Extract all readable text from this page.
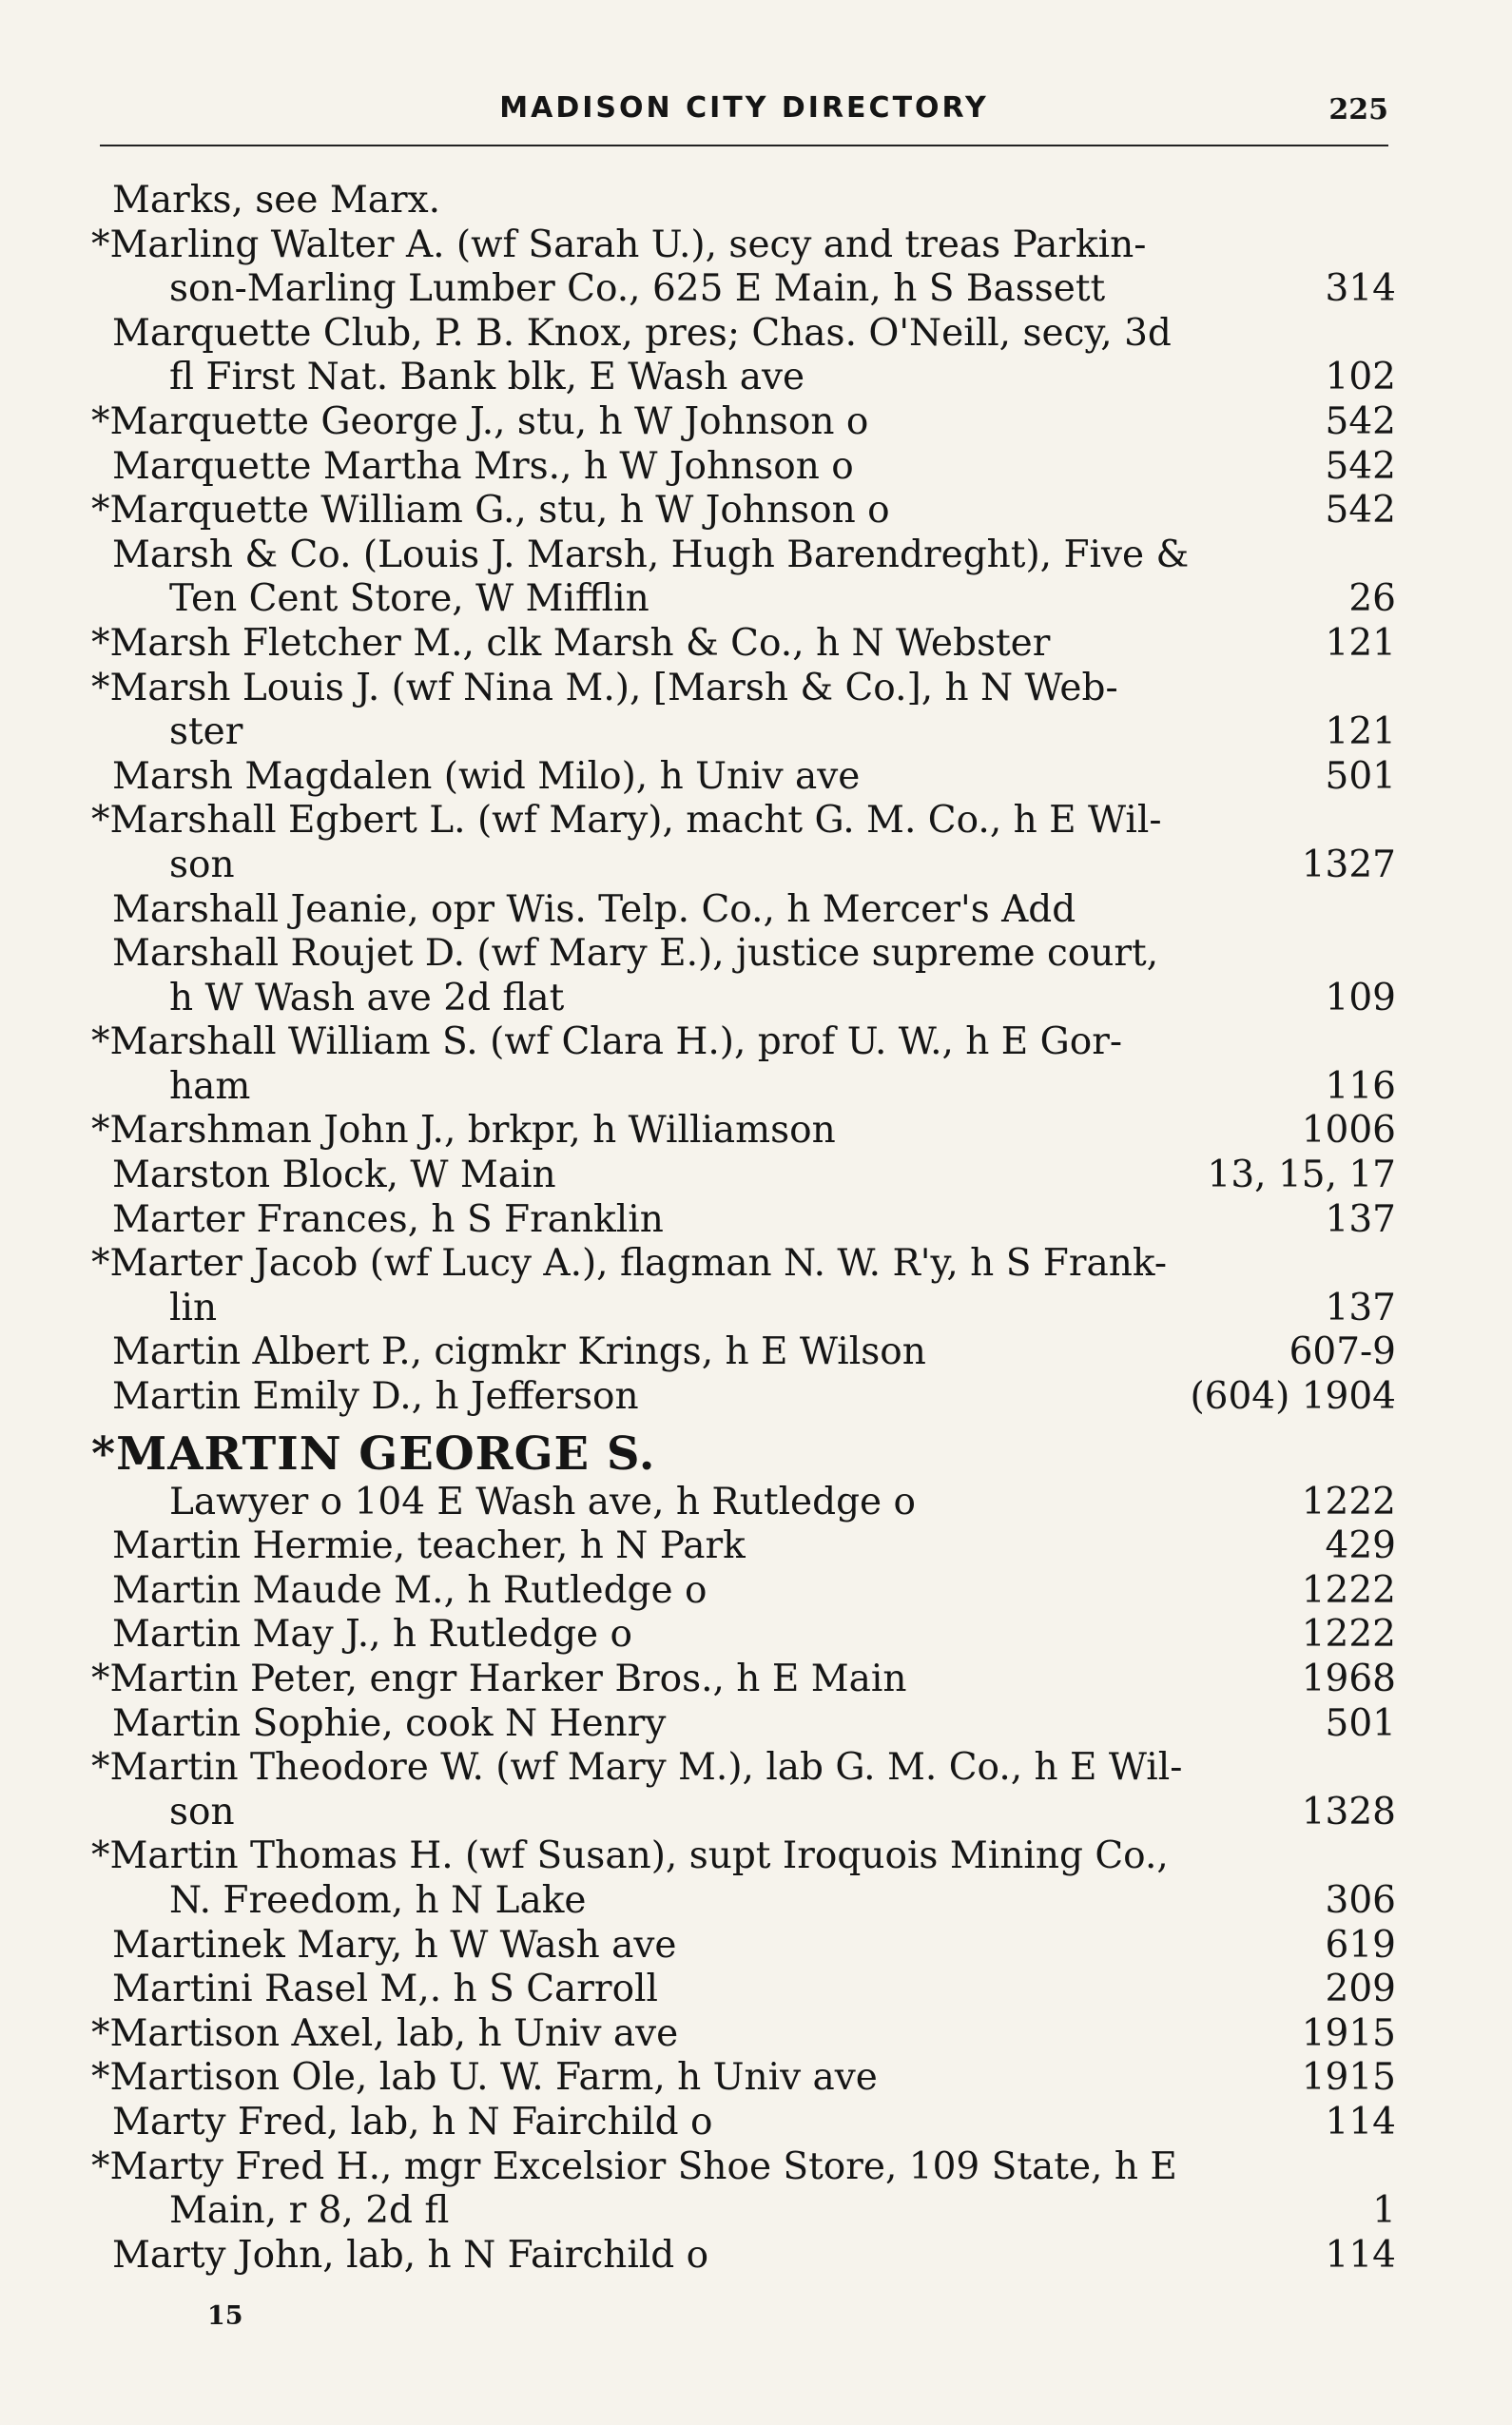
MADISON CITY DIRECTORY	225
Marks, see Marx.
*Marling Walter A. (wf Sarah U.), secy and treas Parkin-
son-Marling Lumber Co., 625 E Main, h S Bassett	314
Marquette Club, P. B. Knox, pres; Chas. O'Neill, secy, 3d
fl First Nat. Bank blk, E Wash ave	102
*Marquette George J., stu, h W Johnson o	542
Marquette Martha Mrs., h W Johnson o	542
*Marquette William G., stu, h W Johnson o	542
Marsh & Co. (Louis J. Marsh, Hugh Barendreght), Five &
Ten Cent Store, W Mifflin	26
*Marsh Fletcher M., clk Marsh & Co., h N Webster	121
*Marsh Louis J. (wf Nina M.), [Marsh & Co.], h N Web-
ster	121
Marsh Magdalen (wid Milo), h Univ ave	501
*Marshall Egbert L. (wf Mary), macht G. M. Co., h E Wil-
son	1327
Marshall Jeanie, opr Wis. Telp. Co., h Mercer's Add
Marshall Roujet D. (wf Mary E.), justice supreme court,
h W Wash ave 2d flat	109
*Marshall William S. (wf Clara H.), prof U. W., h E Gor-
ham	116
*Marshman John J., brkpr, h Williamson	1006
Marston Block, W Main	13, 15, 17
Marter Frances, h S Franklin	137
*Marter Jacob (wf Lucy A.), flagman N. W. R'y, h S Frank-
lin	137
Martin Albert P., cigmkr Krings, h E Wilson	607-9
Martin Emily D., h Jefferson	(604) 1904
*MARTIN GEORGE S.
Lawyer o 104 E Wash ave, h Rutledge o	1222
Martin Hermie, teacher, h N Park	429
Martin Maude M., h Rutledge o	1222
Martin May J., h Rutledge o	1222
*Martin Peter, engr Harker Bros., h E Main	1968
Martin Sophie, cook N Henry	501
*Martin Theodore W. (wf Mary M.), lab G. M. Co., h E Wil-
son	1328
*Martin Thomas H. (wf Susan), supt Iroquois Mining Co.,
N. Freedom, h N Lake	306
Martinek Mary, h W Wash ave	619
Martini Rasel M,. h S Carroll	209
*Martison Axel, lab, h Univ ave	1915
*Martison Ole, lab U. W. Farm, h Univ ave	1915
Marty Fred, lab, h N Fairchild o	114
*Marty Fred H., mgr Excelsior Shoe Store, 109 State, h E
Main, r 8, 2d fl	1
Marty John, lab, h N Fairchild o	114
15
